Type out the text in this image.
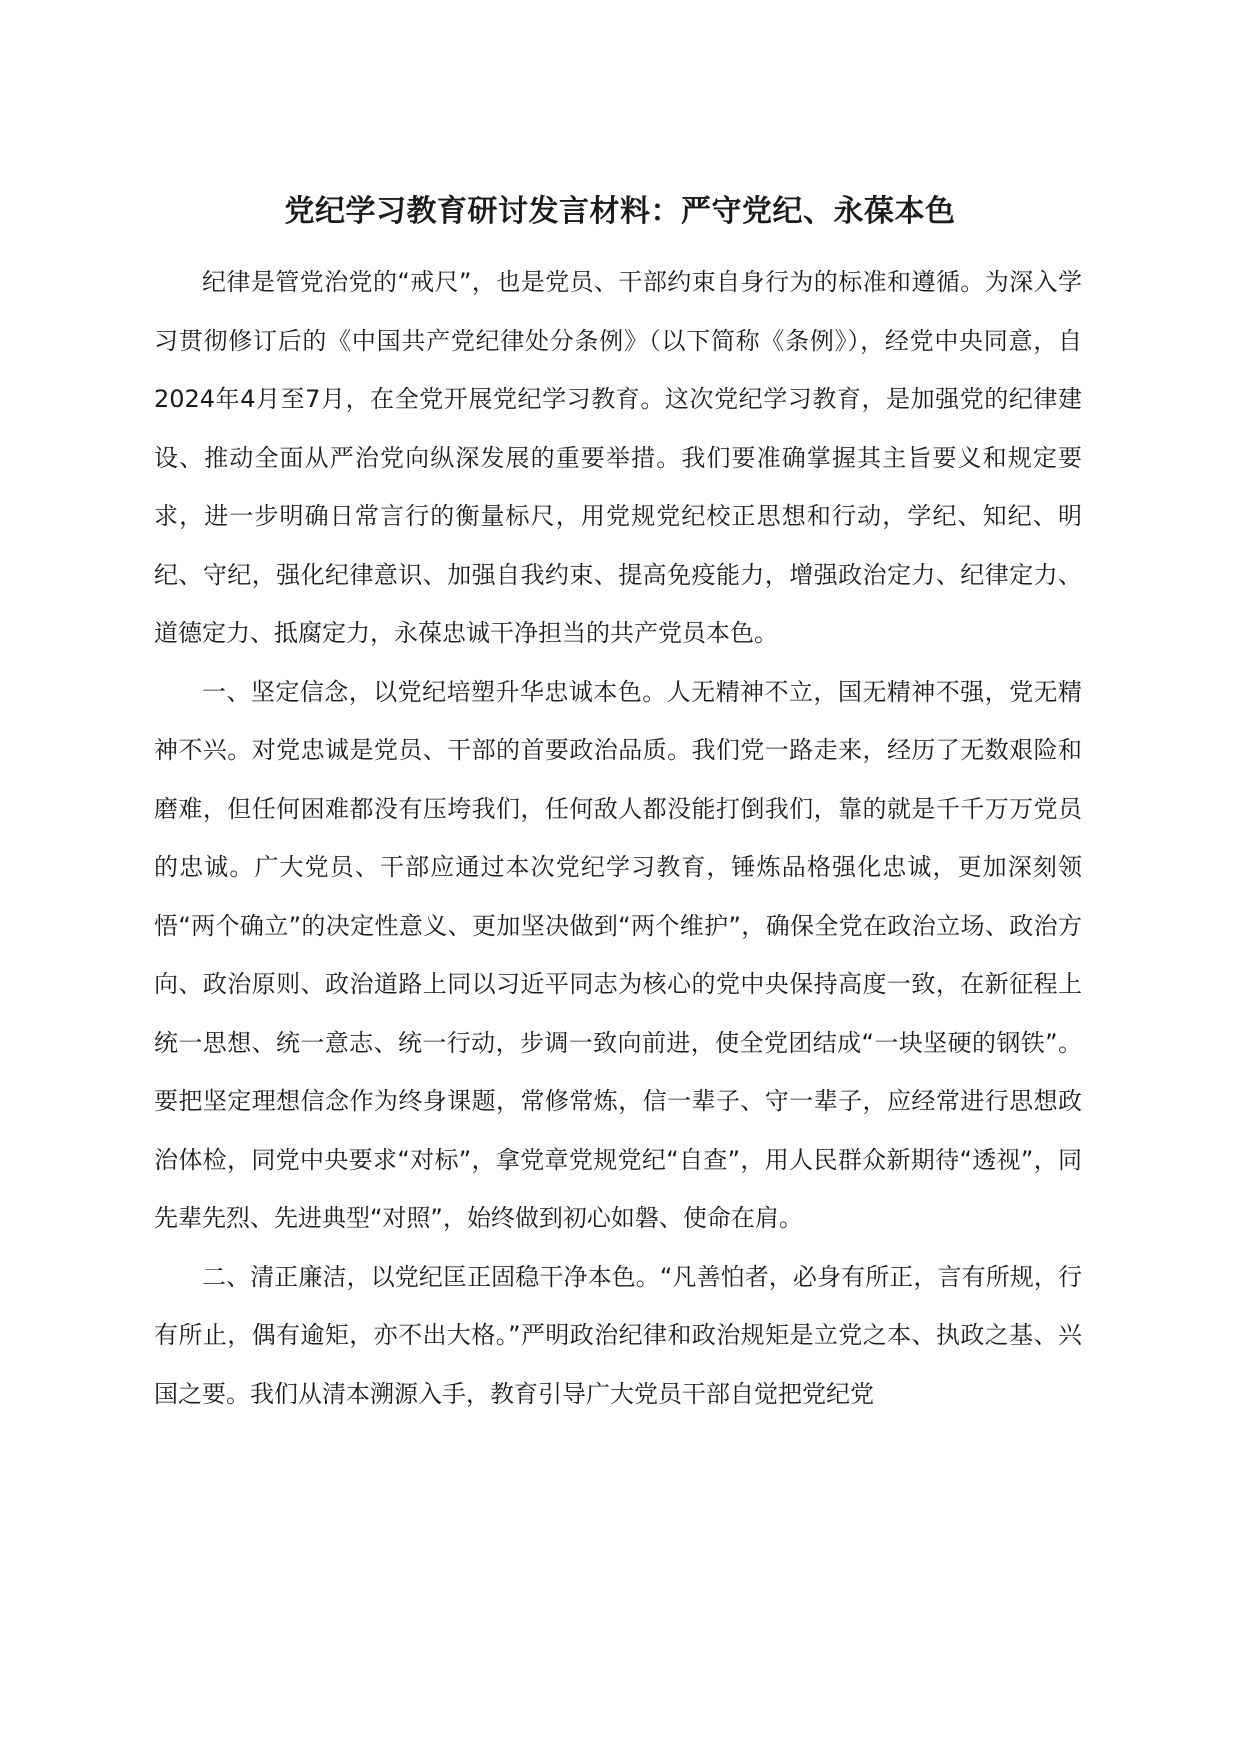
党纪学习教育研讨发言材料：严守党纪、永葆本色

纪律是管党治党的“戒尺”，也是党员、干部约束自身行为的标准和遵循。为深入学习贯彻修订后的《中国共产党纪律处分条例》（以下简称《条例》），经党中央同意，自2024年4月至7月，在全党开展党纪学习教育。这次党纪学习教育，是加强党的纪律建设、推动全面从严治党向纵深发展的重要举措。我们要准确掌握其主旨要义和规定要求，进一步明确日常言行的衡量标尺，用党规党纪校正思想和行动，学纪、知纪、明纪、守纪，强化纪律意识、加强自我约束、提高免疫能力，增强政治定力、纪律定力、道德定力、抵腐定力，永葆忠诚干净担当的共产党员本色。

一、坚定信念，以党纪培塑升华忠诚本色。人无精神不立，国无精神不强，党无精神不兴。对党忠诚是党员、干部的首要政治品质。我们党一路走来，经历了无数艰险和磨难，但任何困难都没有压垮我们，任何敌人都没能打倒我们，靠的就是千千万万党员的忠诚。广大党员、干部应通过本次党纪学习教育，锤炼品格强化忠诚，更加深刻领悟“两个确立”的决定性意义、更加坚决做到“两个维护”，确保全党在政治立场、政治方向、政治原则、政治道路上同以习近平同志为核心的党中央保持高度一致，在新征程上统一思想、统一意志、统一行动，步调一致向前进，使全党团结成“一块坚硬的钢铁”。要把坚定理想信念作为终身课题，常修常炼，信一辈子、守一辈子，应经常进行思想政治体检，同党中央要求“对标”，拿党章党规党纪“自查”，用人民群众新期待“透视”，同先辈先烈、先进典型“对照”，始终做到初心如磐、使命在肩。

二、清正廉洁，以党纪匡正固稳干净本色。“凡善怕者，必身有所正，言有所规，行有所止，偶有逾矩，亦不出大格。”严明政治纪律和政治规矩是立党之本、执政之基、兴国之要。我们从清本溯源入手，教育引导广大党员干部自觉把党纪党
